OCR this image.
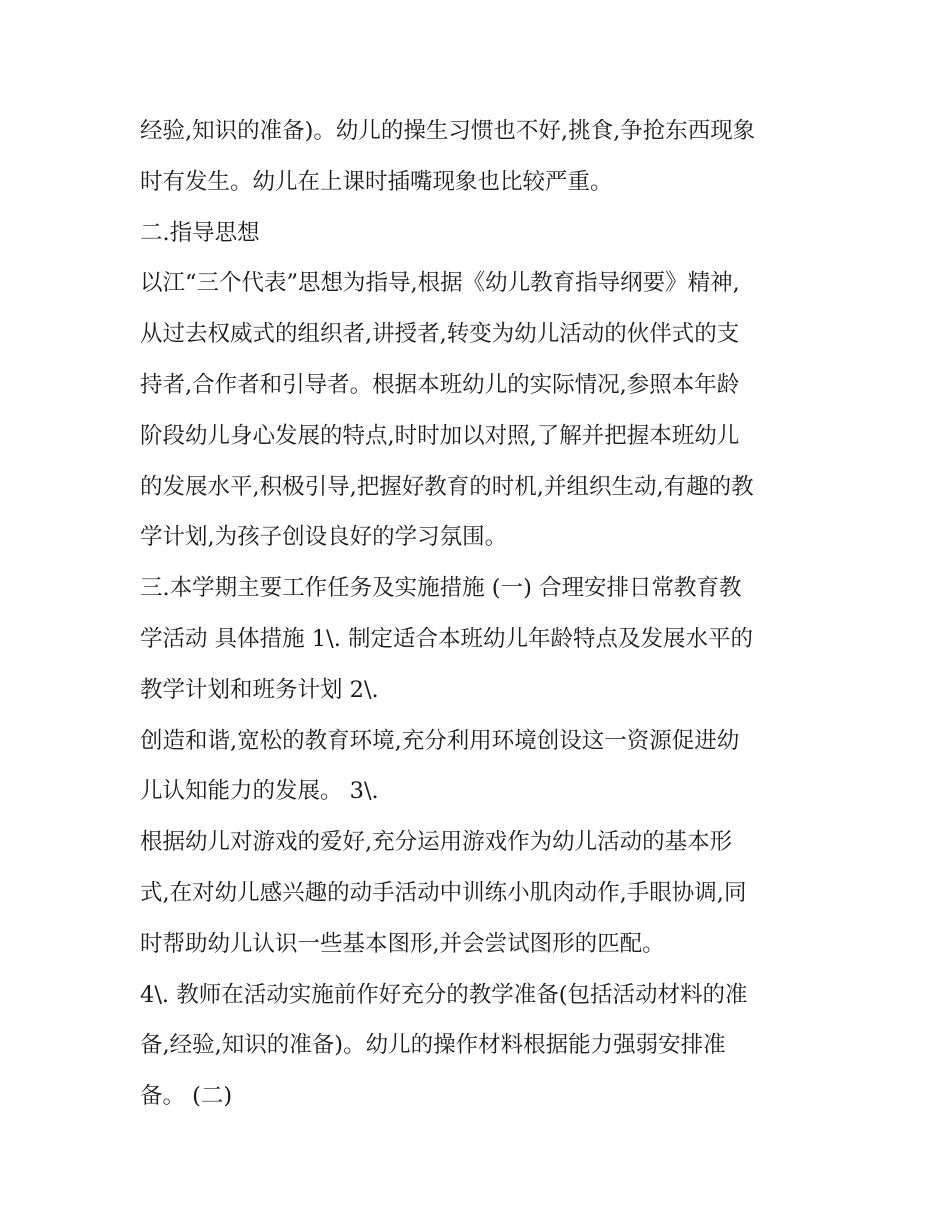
经验,知识的准备)。幼儿的操生习惯也不好,挑食,争抢东西现象
时有发生。幼儿在上课时插嘴现象也比较严重。
二.指导思想
以江“三个代表”思想为指导,根据《幼儿教育指导纲要》精神,
从过去权威式的组织者,讲授者,转变为幼儿活动的伙伴式的支
持者,合作者和引导者。根据本班幼儿的实际情况,参照本年龄
阶段幼儿身心发展的特点,时时加以对照,了解并把握本班幼儿
的发展水平,积极引导,把握好教育的时机,并组织生动,有趣的教
学计划,为孩子创设良好的学习氛围。
三.本学期主要工作任务及实施措施 (一) 合理安排日常教育教
学活动 具体措施 1\. 制定适合本班幼儿年龄特点及发展水平的
教学计划和班务计划 2\.
创造和谐,宽松的教育环境,充分利用环境创设这一资源促进幼
儿认知能力的发展。 3\.
根据幼儿对游戏的爱好,充分运用游戏作为幼儿活动的基本形
式,在对幼儿感兴趣的动手活动中训练小肌肉动作,手眼协调,同
时帮助幼儿认识一些基本图形,并会尝试图形的匹配。
4\. 教师在活动实施前作好充分的教学准备(包括活动材料的准
备,经验,知识的准备)。幼儿的操作材料根据能力强弱安排准
备。 (二)
